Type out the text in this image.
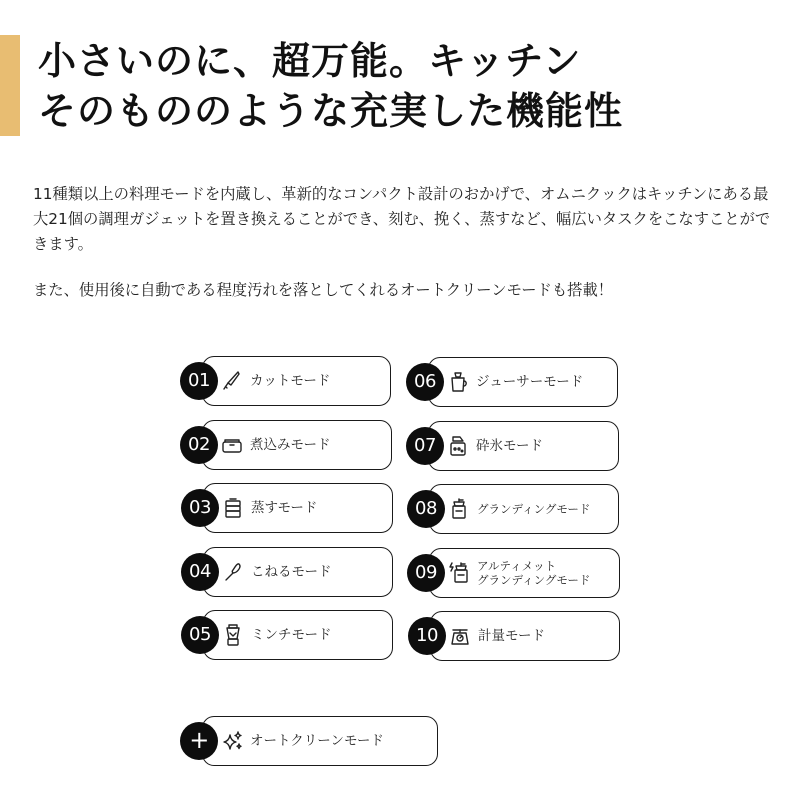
小さいのに、超万能。キッチン
そのもののような充実した機能性

11種類以上の料理モードを内蔵し、革新的なコンパクト設計のおかげで、オムニクックはキッチンにある最大21個の調理ガジェットを置き換えることができ、刻む、挽く、蒸すなど、幅広いタスクをこなすことができます。

また、使用後に自動である程度汚れを落としてくれるオートクリーンモードも搭載！

01	カットモード
02	煮込みモード
03	蒸すモード
04	こねるモード
05	ミンチモード
06	ジューサーモード
07	砕氷モード
08	グランディングモード
09	アルティメット
グランディングモード
10	計量モード
+	オートクリーンモード
